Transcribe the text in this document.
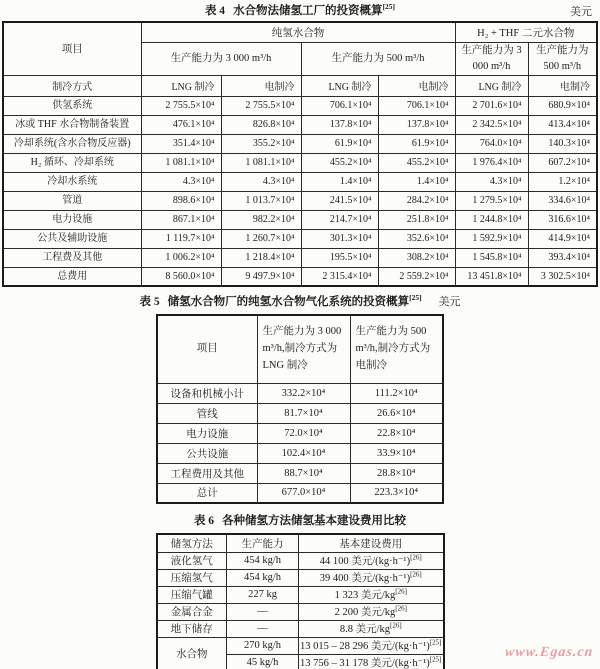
表 4 水合物法储氢工厂的投资概算[25]	美元
项目	纯氢水合物				H₂ + THF 二元水合物	
	生产能力为 3 000 m³/h		生产能力为 500 m³/h		生产能力为 3 000 m³/h	生产能力为 500 m³/h
制冷方式	LNG 制冷	电制冷	LNG 制冷	电制冷	LNG 制冷	电制冷
供氢系统	2 755.5×10⁴	2 755.5×10⁴	706.1×10⁴	706.1×10⁴	2 701.6×10⁴	680.9×10⁴
冰或 THF 水合物制备装置	476.1×10⁴	826.8×10⁴	137.8×10⁴	137.8×10⁴	2 342.5×10⁴	413.4×10⁴
冷却系统(含水合物反应器)	351.4×10⁴	355.2×10⁴	61.9×10⁴	61.9×10⁴	764.0×10⁴	140.3×10⁴
H₂ 循环、冷却系统	1 081.1×10⁴	1 081.1×10⁴	455.2×10⁴	455.2×10⁴	1 976.4×10⁴	607.2×10⁴
冷却水系统	4.3×10⁴	4.3×10⁴	1.4×10⁴	1.4×10⁴	4.3×10⁴	1.2×10⁴
管道	898.6×10⁴	1 013.7×10⁴	241.5×10⁴	284.2×10⁴	1 279.5×10⁴	334.6×10⁴
电力设施	867.1×10⁴	982.2×10⁴	214.7×10⁴	251.8×10⁴	1 244.8×10⁴	316.6×10⁴
公共及辅助设施	1 119.7×10⁴	1 260.7×10⁴	301.3×10⁴	352.6×10⁴	1 592.9×10⁴	414.9×10⁴
工程费及其他	1 006.2×10⁴	1 218.4×10⁴	195.5×10⁴	308.2×10⁴	1 545.8×10⁴	393.4×10⁴
总费用	8 560.0×10⁴	9 497.9×10⁴	2 315.4×10⁴	2 559.2×10⁴	13 451.8×10⁴	3 302.5×10⁴
表 5 储氢水合物厂的纯氢水合物气化系统的投资概算[25] 美元
项目	生产能力为 3 000 m³/h,制冷方式为 LNG 制冷	生产能力为 500 m³/h,制冷方式为电制冷
设备和机械小计	332.2×10⁴	111.2×10⁴
管线	81.7×10⁴	26.6×10⁴
电力设施	72.0×10⁴	22.8×10⁴
公共设施	102.4×10⁴	33.9×10⁴
工程费用及其他	88.7×10⁴	28.8×10⁴
总计	677.0×10⁴	223.3×10⁴
表 6 各种储氢方法储氢基本建设费用比较
储氢方法	生产能力	基本建设费用
液化氢气	454 kg/h	44 100 美元/(kg·h⁻¹)[26]
压缩氢气	454 kg/h	39 400 美元/(kg·h⁻¹)[26]
压缩气罐	227 kg	1 323 美元/kg[26]
金属合金	—	2 200 美元/kg[26]
地下储存	—	8.8 美元/kg[26]
水合物	270 kg/h	13 015 – 28 296 美元/(kg·h⁻¹)[25]
	45 kg/h	13 756 – 31 178 美元/(kg·h⁻¹)[25]	www.Egas.cn
